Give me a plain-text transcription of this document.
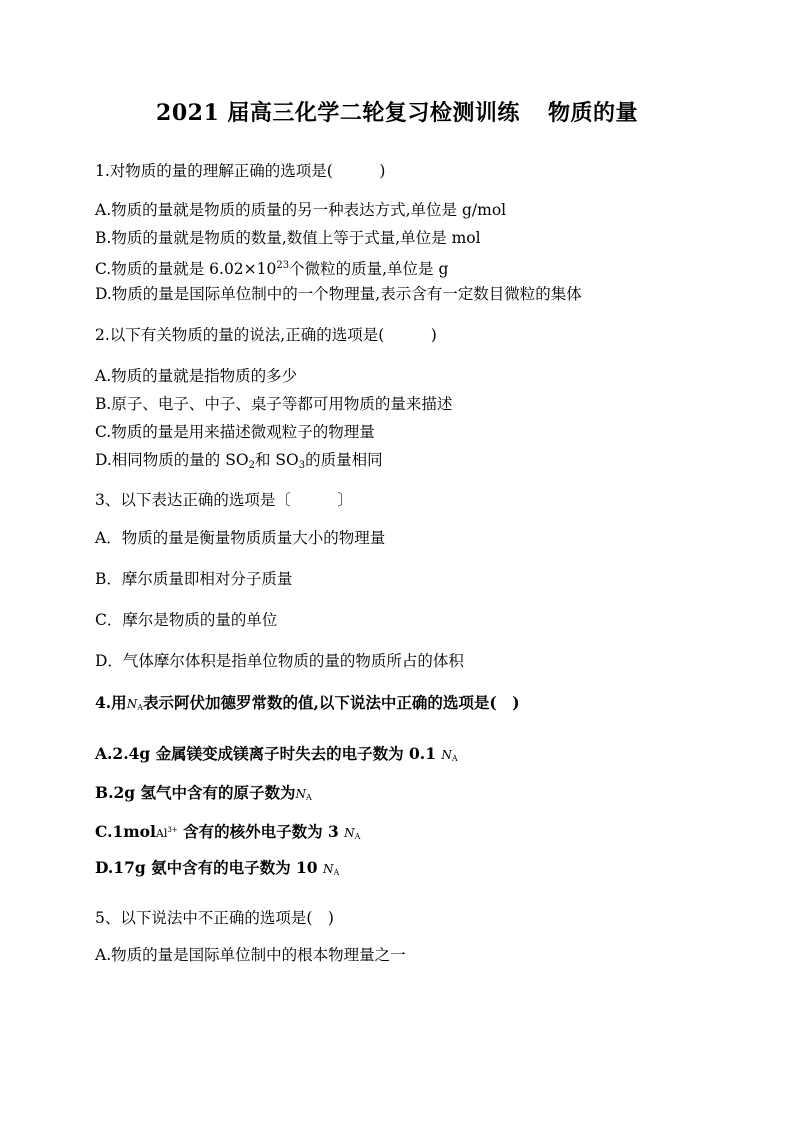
2021 届高三化学二轮复习检测训练 物质的量
1.对物质的量的理解正确的选项是(　　　)
A.物质的量就是物质的质量的另一种表达方式,单位是 g/mol
B.物质的量就是物质的数量,数值上等于式量,单位是 mol
C.物质的量就是 $6.02\times 10^{23}$个微粒的质量,单位是 g
D.物质的量是国际单位制中的一个物理量,表示含有一定数目微粒的集体
2.以下有关物质的量的说法,正确的选项是(　　　)
A.物质的量就是指物质的多少
B.原子、电子、中子、桌子等都可用物质的量来描述
C.物质的量是用来描述微观粒子的物理量
D.相同物质的量的 $SO_2$和 $SO_3$的质量相同
3、以下表达正确的选项是〔　　　〕
A．物质的量是衡量物质质量大小的物理量
B．摩尔质量即相对分子质量
C．摩尔是物质的量的单位
D．气体摩尔体积是指单位物质的量的物质所占的体积
4.用$N_A$表示阿伏加德罗常数的值,以下说法中正确的选项是(　)
A.2.4g 金属镁变成镁离子时失去的电子数为 0.1 $N_A$
B.2g 氢气中含有的原子数为$N_A$
C.1molAl$^{3+}$ 含有的核外电子数为 3 $N_A$
D.17g 氨中含有的电子数为 10 $N_A$
5、以下说法中不正确的选项是(　)
A.物质的量是国际单位制中的根本物理量之一
